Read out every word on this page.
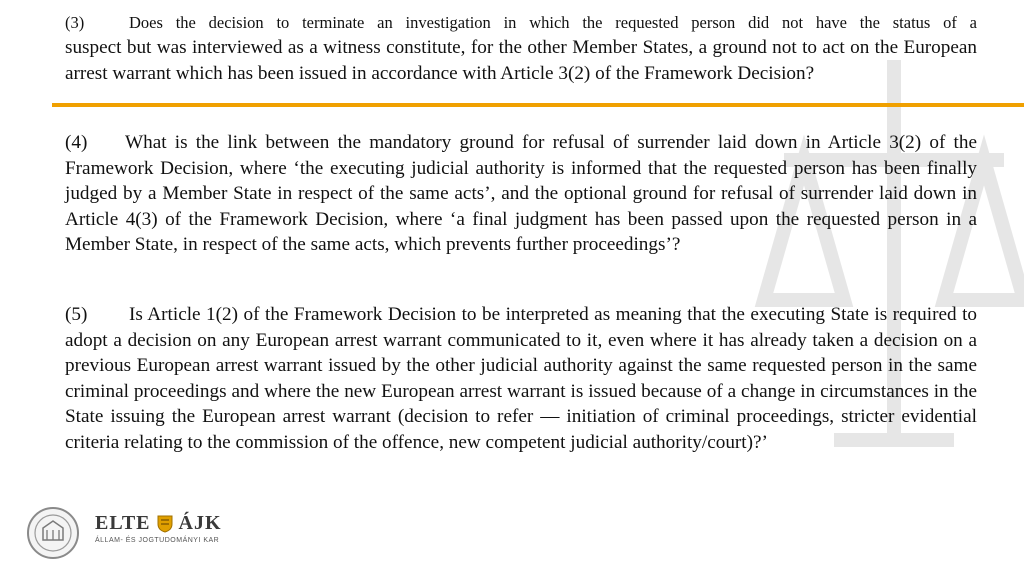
(3)	Does the decision to terminate an investigation in which the requested person did not have the status of a

suspect but was interviewed as a witness constitute, for the other Member States, a ground not to act on the European arrest warrant which has been issued in accordance with Article 3(2) of the Framework Decision?

(4) What is the link between the mandatory ground for refusal of surrender laid down in Article 3(2) of the Framework Decision, where ‘the executing judicial authority is informed that the requested person has been finally judged by a Member State in respect of the same acts’, and the optional ground for refusal of surrender laid down in Article 4(3) of the Framework Decision, where ‘a final judgment has been passed upon the requested person in a Member State, in respect of the same acts, which prevents further proceedings’?

(5) Is Article 1(2) of the Framework Decision to be interpreted as meaning that the executing State is required to adopt a decision on any European arrest warrant communicated to it, even where it has already taken a decision on a previous European arrest warrant issued by the other judicial authority against the same requested person in the same criminal proceedings and where the new European arrest warrant is issued because of a change in circumstances in the State issuing the European arrest warrant (decision to refer — initiation of criminal proceedings, stricter evidential criteria relating to the commission of the offence, new competent judicial authority/court)?’

ELTE ÁJK
ÁLLAM- ÉS JOGTUDOMÁNYI KAR
